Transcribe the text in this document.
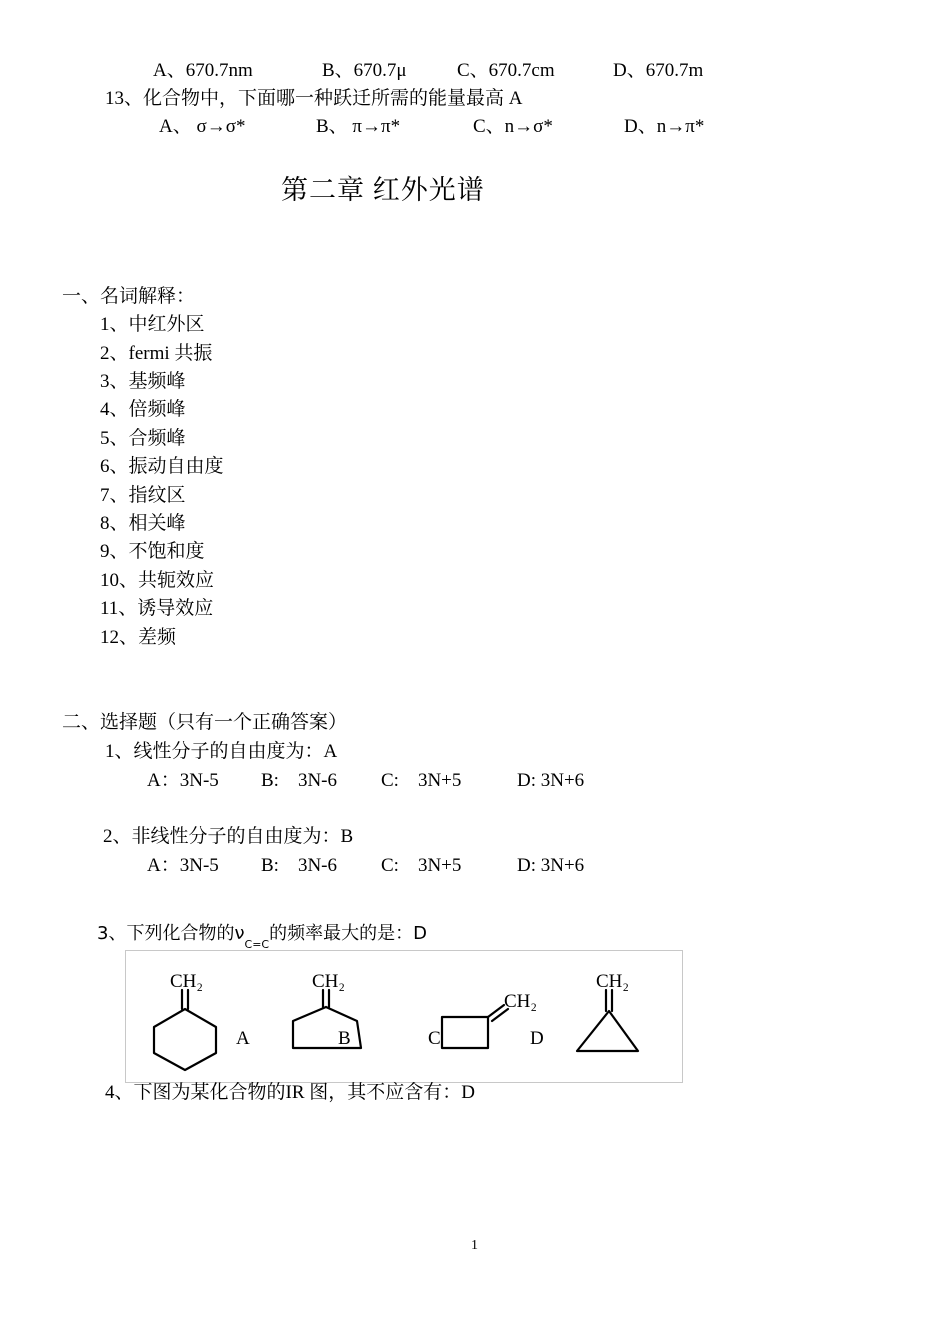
A、670.7nm	B、670.7μ	C、670.7cm	D、670.7m
13、化合物中，下面哪一种跃迁所需的能量最高 A
A、 σ→σ*	B、 π→π*	C、n→σ*	D、n→π*
第二章 红外光谱
一、名词解释：
1、中红外区
2、fermi 共振
3、基频峰
4、倍频峰
5、合频峰
6、振动自由度
7、指纹区
8、相关峰
9、不饱和度
10、共轭效应
11、诱导效应
12、差频
二、选择题（只有一个正确答案）
1、线性分子的自由度为：A
A：3N-5 B:　3N-6 C:　3N+5	D: 3N+6
2、非线性分子的自由度为：B
A：3N-5 B:　3N-6 C:　3N+5	D: 3N+6
3、下列化合物的$\nu_{C=C}$的频率最大的是：D
CH₂	CH₂
CH₂
CH₂
A	B	C	D
4、下图为某化合物的IR 图，其不应含有：D
1
